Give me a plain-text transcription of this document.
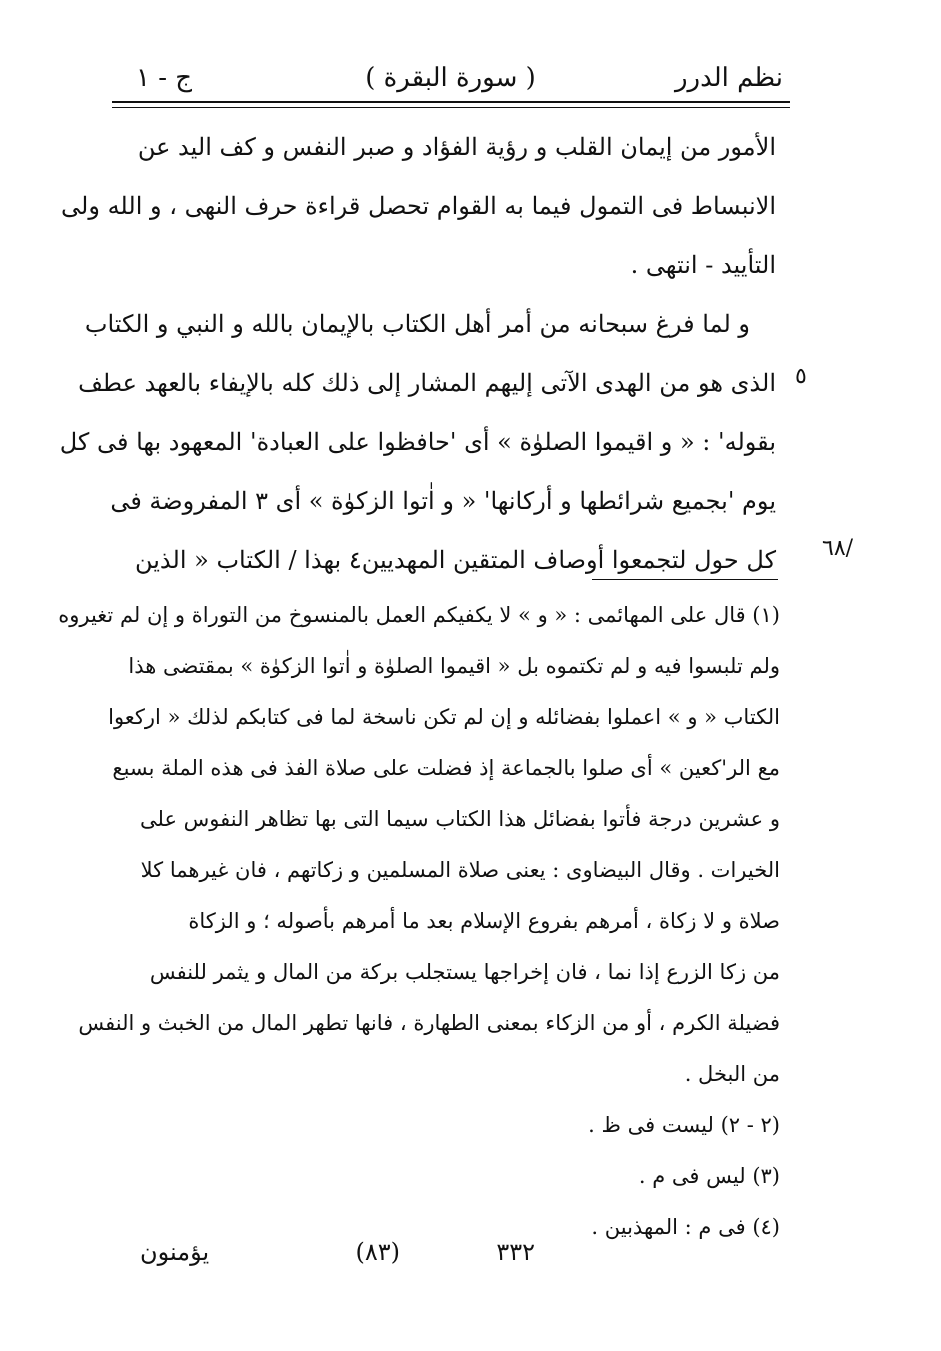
نظم الدرر
( سورة البقرة )
ج - ١
الأمور من إيمان القلب و رؤية الفؤاد و صبر النفس و كف اليد عن
الانبساط فى التمول فيما به القوام تحصل قراءة حرف النهى ، و الله ولى
التأييد - انتهى .
و لما فرغ سبحانه من أمر أهل الكتاب بالإيمان بالله و النبي و الكتاب
الذى هو من الهدى الآتى إليهم المشار إلى ذلك كله بالإيفاء بالعهد عطف
بقوله' : « و اقيموا الصلوٰة » أى 'حافظوا على العبادة' المعهود بها فى كل
يوم 'بجميع شرائطها و أركانها' « و اٰتوا الزكوٰة » أى ٣ المفروضة فى
كل حول لتجمعوا أوصاف المتقين المهديين٤ بهذا / الكتاب « الذين
٥
٦٨/
(١) قال على المهائمى : « و » لا يكفيكم العمل بالمنسوخ من التوراة و إن لم تغيروه
ولم تلبسوا فيه و لم تكتموه بل « اقيموا الصلوٰة و اٰتوا الزكوٰة » بمقتضى هذا
الكتاب « و » اعملوا بفضائله و إن لم تكن ناسخة لما فى كتابكم لذلك « اركعوا
مع الر'كعين » أى صلوا بالجماعة إذ فضلت على صلاة الفذ فى هذه الملة بسبع
و عشرين درجة فأتوا بفضائل هذا الكتاب سيما التى بها تظاهر النفوس على
الخيرات . وقال البيضاوى : يعنى صلاة المسلمين و زكاتهم ، فان غيرهما كلا
صلاة و لا زكاة ، أمرهم بفروع الإسلام بعد ما أمرهم بأصوله ؛ و الزكاة
من زكا الزرع إذا نما ، فان إخراجها يستجلب بركة من المال و يثمر للنفس
فضيلة الكرم ، أو من الزكاء بمعنى الطهارة ، فانها تطهر المال من الخبث و النفس
من البخل .
(٢ - ٢) ليست فى ظ .
(٣) ليس فى م .
(٤) فى م : المهذبين .
٣٣٢
(٨٣)
يؤمنون
